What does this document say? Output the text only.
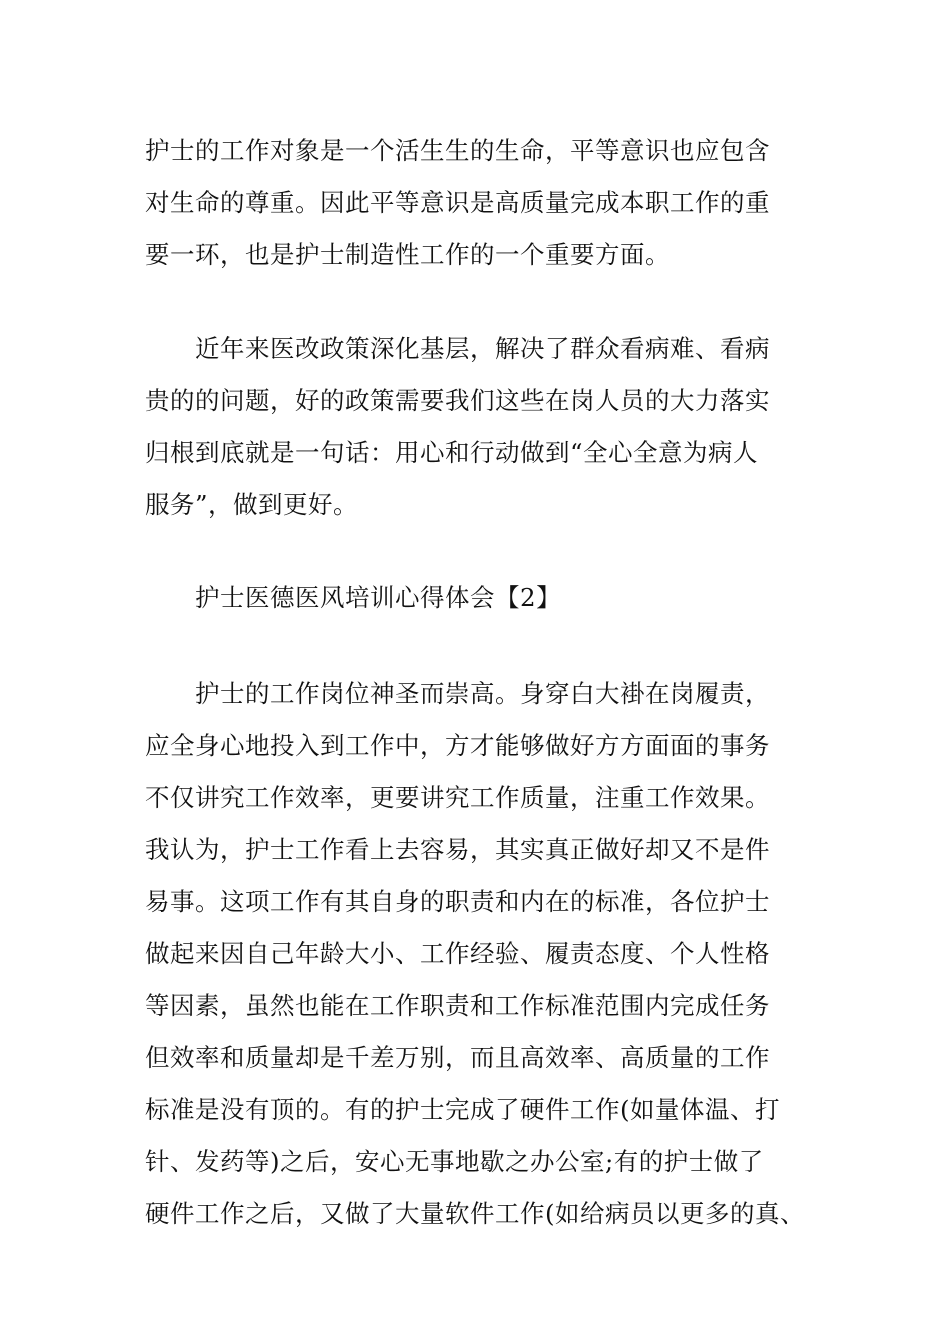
护士的工作对象是一个活生生的生命，平等意识也应包含
对生命的尊重。因此平等意识是高质量完成本职工作的重
要一环，也是护士制造性工作的一个重要方面。
近年来医改政策深化基层，解决了群众看病难、看病
贵的的问题，好的政策需要我们这些在岗人员的大力落实
归根到底就是一句话：用心和行动做到“全心全意为病人
服务”，做到更好。
护士医德医风培训心得体会【2】
护士的工作岗位神圣而崇高。身穿白大褂在岗履责，
应全身心地投入到工作中，方才能够做好方方面面的事务
不仅讲究工作效率，更要讲究工作质量，注重工作效果。
我认为，护士工作看上去容易，其实真正做好却又不是件
易事。这项工作有其自身的职责和内在的标准，各位护士
做起来因自己年龄大小、工作经验、履责态度、个人性格
等因素，虽然也能在工作职责和工作标准范围内完成任务
但效率和质量却是千差万别，而且高效率、高质量的工作
标准是没有顶的。有的护士完成了硬件工作(如量体温、打
针、发药等)之后，安心无事地歇之办公室;有的护士做了
硬件工作之后，又做了大量软件工作(如给病员以更多的真、
